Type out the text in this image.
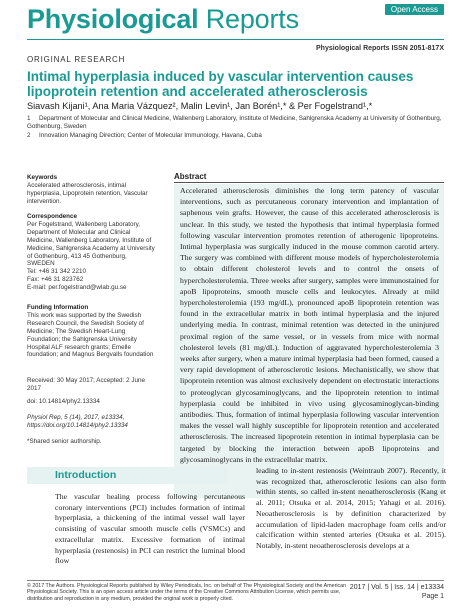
Physiological Reports	Open Access
Physiological Reports ISSN 2051-817X
ORIGINAL RESEARCH
Intimal hyperplasia induced by vascular intervention causes lipoprotein retention and accelerated atherosclerosis
Siavash Kijani¹, Ana Maria Vázquez², Malin Levin¹, Jan Borén¹,* & Per Fogelstrand¹,*
1 Department of Molecular and Clinical Medicine, Wallenberg Laboratory, Institute of Medicine, Sahlgrenska Academy at University of Gothenburg, Gothenburg, Sweden
2 Innovation Managing Direction; Center of Molecular Immunology, Havana, Cuba
Keywords
Accelerated atherosclerosis, intimal hyperplasia, Lipoprotein retention, Vascular intervention.
Correspondence
Per Fogelstrand, Wallenberg Laboratory, Department of Molecular and Clinical Medicine, Wallenberg Laboratory, Institute of Medicine, Sahlgrenska Academy at University of Gothenburg, 413 45 Gothenburg, SWEDEN
Tel: +46 31 342 2210
Fax: +46 31 823762
E-mail: per.fogelstrand@wlab.gu.se
Funding Information
This work was supported by the Swedish Research Council, the Swedish Society of Medicine; The Swedish Heart-Lung Foundation; the Sahlgrenska University Hospital ALF research grants; Emelle foundation; and Magnus Bergvalls foundation
Received: 30 May 2017; Accepted: 2 June 2017
doi: 10.14814/phy2.13334
Physiol Rep, 5 (14), 2017, e13334, https://doi.org/10.14814/phy2.13334
*Shared senior authorship.
Abstract
Accelerated atherosclerosis diminishes the long term patency of vascular interventions, such as percutaneous coronary intervention and implantation of saphenous vein grafts. However, the cause of this accelerated atherosclerosis is unclear. In this study, we tested the hypothesis that intimal hyperplasia formed following vascular intervention promotes retention of atherogenic lipoproteins. Intimal hyperplasia was surgically induced in the mouse common carotid artery. The surgery was combined with different mouse models of hypercholesterolemia to obtain different cholesterol levels and to control the onsets of hypercholesterolemia. Three weeks after surgery, samples were immunostained for apoB lipoproteins, smooth muscle cells and leukocytes. Already at mild hypercholesterolemia (193 mg/dL), pronounced apoB lipoprotein retention was found in the extracellular matrix in both intimal hyperplasia and the injured underlying media. In contrast, minimal retention was detected in the uninjured proximal region of the same vessel, or in vessels from mice with normal cholesterol levels (81 mg/dL). Induction of aggravated hypercholesterolemia 3 weeks after surgery, when a mature intimal hyperplasia had been formed, caused a very rapid development of atherosclerotic lesions. Mechanistically, we show that lipoprotein retention was almost exclusively dependent on electrostatic interactions to proteoglycan glycosaminoglycans, and the lipoprotein retention to intimal hyperplasia could be inhibited in vivo using glycosaminoglycan-binding antibodies. Thus, formation of intimal hyperplasia following vascular intervention makes the vessel wall highly susceptible for lipoprotein retention and accelerated atherosclerosis. The increased lipoprotein retention in intimal hyperplasia can be targeted by blocking the interaction between apoB lipoproteins and glycosaminoglycans in the extracellular matrix.
Introduction
The vascular healing process following percutaneous coronary interventions (PCI) includes formation of intimal hyperplasia, a thickening of the intimal vessel wall layer consisting of vascular smooth muscle cells (VSMCs) and extracellular matrix. Excessive formation of intimal hyperplasia (restenosis) in PCI can restrict the luminal blood flow
leading to in-stent restenosis (Weintraub 2007). Recently, it was recognized that, atherosclerotic lesions can also form within stents, so called in-stent neoatherosclerosis (Kang et al. 2011; Otsuka et al. 2014, 2015; Yahagi et al. 2016). Neoatherosclerosis is by definition characterized by accumulation of lipid-laden macrophage foam cells and/or calcification within stented arteries (Otsuka et al. 2015). Notably, in-stent neoatherosclerosis develops at a
© 2017 The Authors. Physiological Reports published by Wiley Periodicals, Inc. on behalf of The Physiological Society and the American Physiological Society. This is an open access article under the terms of the Creative Commons Attribution License, which permits use, distribution and reproduction in any medium, provided the original work is properly cited.
2017 | Vol. 5 | Iss. 14 | e13334
Page 1
